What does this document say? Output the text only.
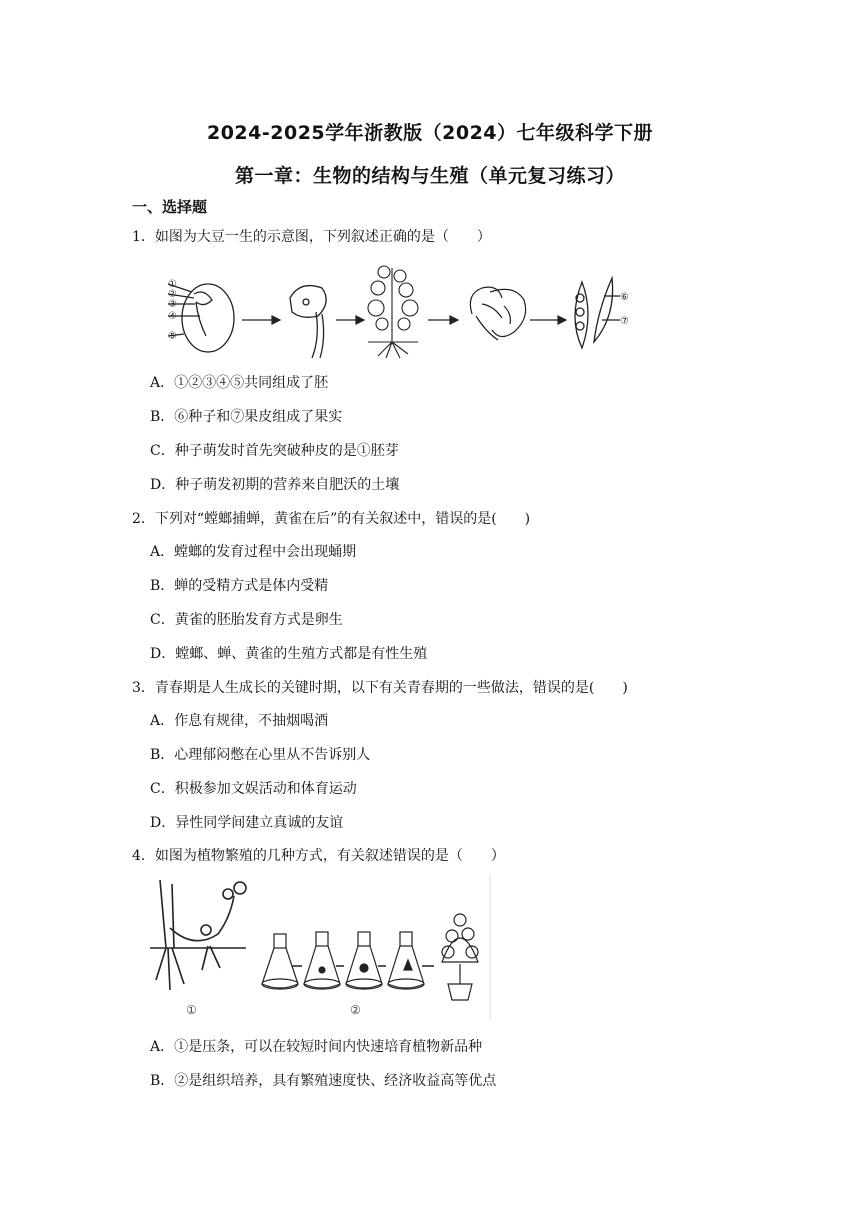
2024-2025学年浙教版（2024）七年级科学下册
第一章：生物的结构与生殖（单元复习练习）
一、选择题
1．如图为大豆一生的示意图，下列叙述正确的是（　　）
①
②
③
④
⑤
⑥
⑦
A．①②③④⑤共同组成了胚
B．⑥种子和⑦果皮组成了果实
C．种子萌发时首先突破种皮的是①胚芽
D．种子萌发初期的营养来自肥沃的土壤
2．下列对“螳螂捕蝉，黄雀在后”的有关叙述中，错误的是(　　)
A．螳螂的发育过程中会出现蛹期
B．蝉的受精方式是体内受精
C．黄雀的胚胎发育方式是卵生
D．螳螂、蝉、黄雀的生殖方式都是有性生殖
3．青春期是人生成长的关键时期，以下有关青春期的一些做法，错误的是(　　)
A．作息有规律，不抽烟喝酒
B．心理郁闷憋在心里从不告诉别人
C．积极参加文娱活动和体育运动
D．异性同学间建立真诚的友谊
4．如图为植物繁殖的几种方式，有关叙述错误的是（　　）
①	②
A．①是压条，可以在较短时间内快速培育植物新品种
B．②是组织培养，具有繁殖速度快、经济收益高等优点
